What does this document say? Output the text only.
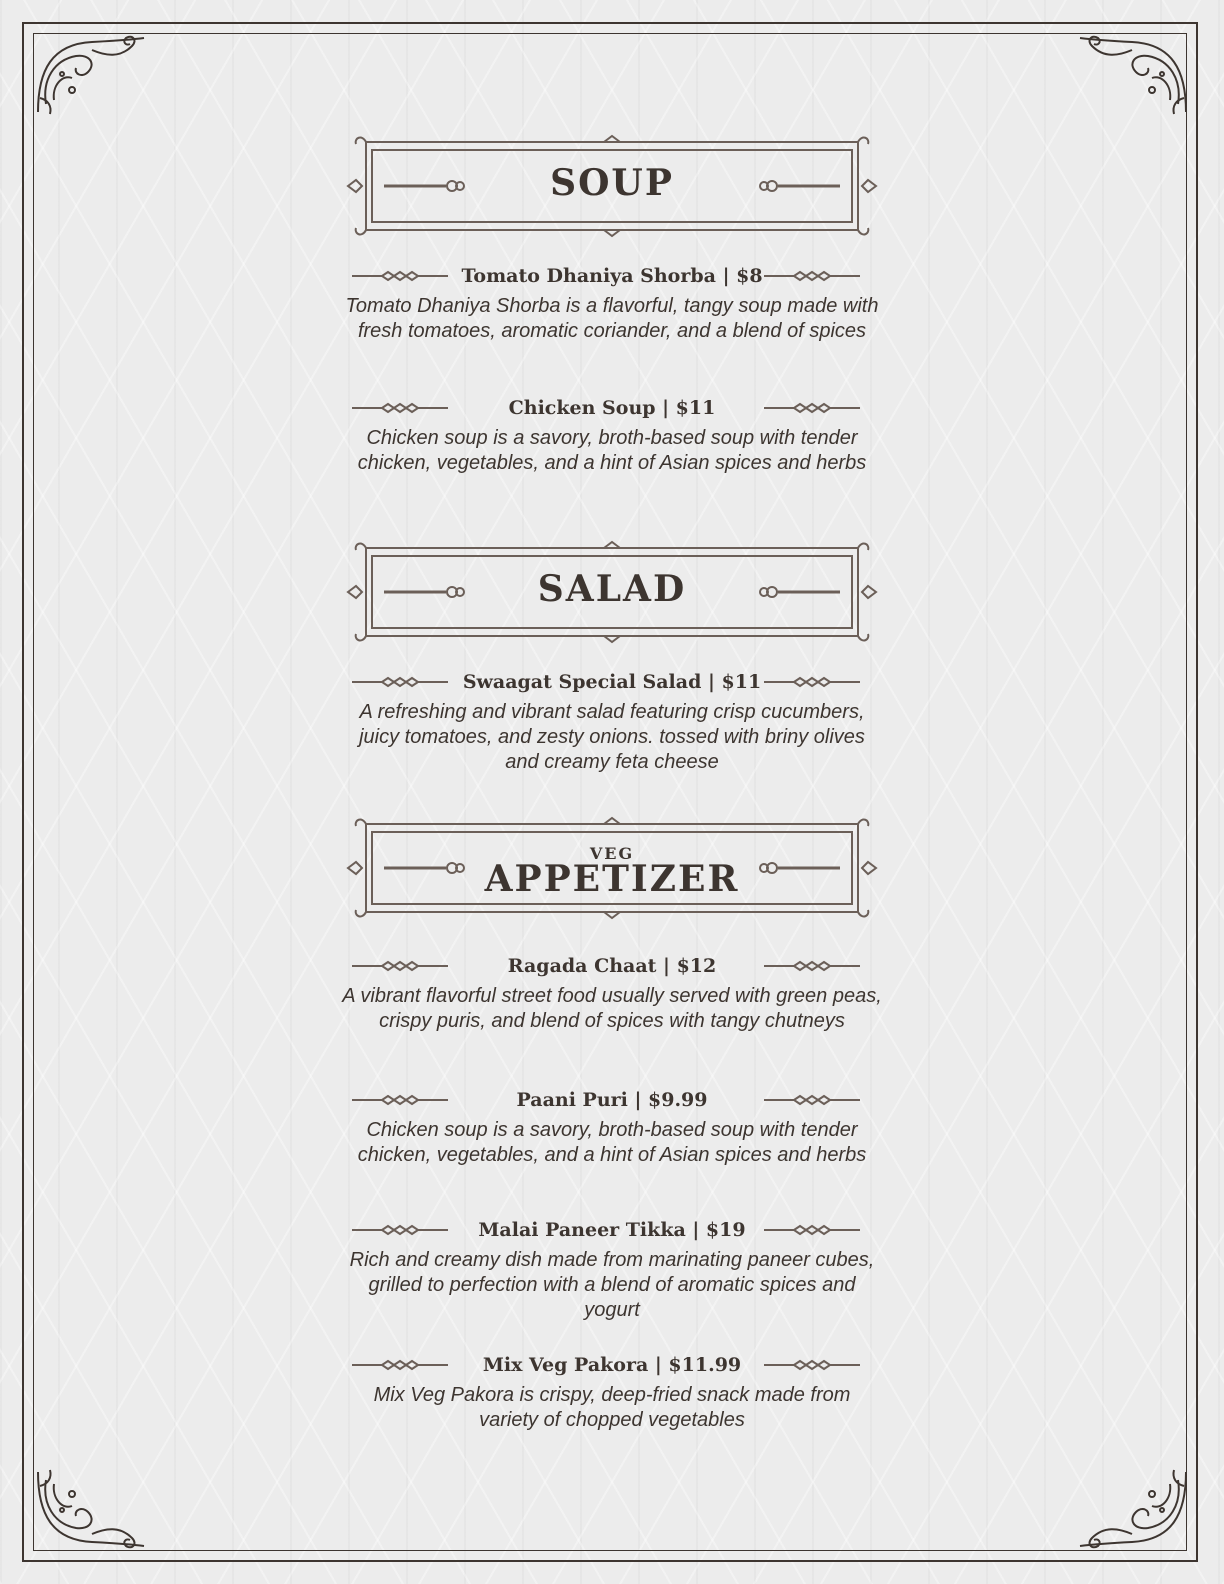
SOUP
Tomato Dhaniya Shorba | $8
Tomato Dhaniya Shorba is a flavorful, tangy soup made with fresh tomatoes, aromatic coriander, and a blend of spices
Chicken Soup | $11
Chicken soup is a savory, broth-based soup with tender chicken, vegetables, and a hint of Asian spices and herbs
SALAD
Swaagat Special Salad | $11
A refreshing and vibrant salad featuring crisp cucumbers, juicy tomatoes, and zesty onions. tossed with briny olives and creamy feta cheese
VEG
APPETIZER
Ragada Chaat | $12
A vibrant flavorful street food usually served with green peas, crispy puris, and blend of spices with tangy chutneys
Paani Puri | $9.99
Chicken soup is a savory, broth-based soup with tender chicken, vegetables, and a hint of Asian spices and herbs
Malai Paneer Tikka | $19
Rich and creamy dish made from marinating paneer cubes, grilled to perfection with a blend of aromatic spices and yogurt
Mix Veg Pakora | $11.99
Mix Veg Pakora is crispy, deep-fried snack made from variety of chopped vegetables
